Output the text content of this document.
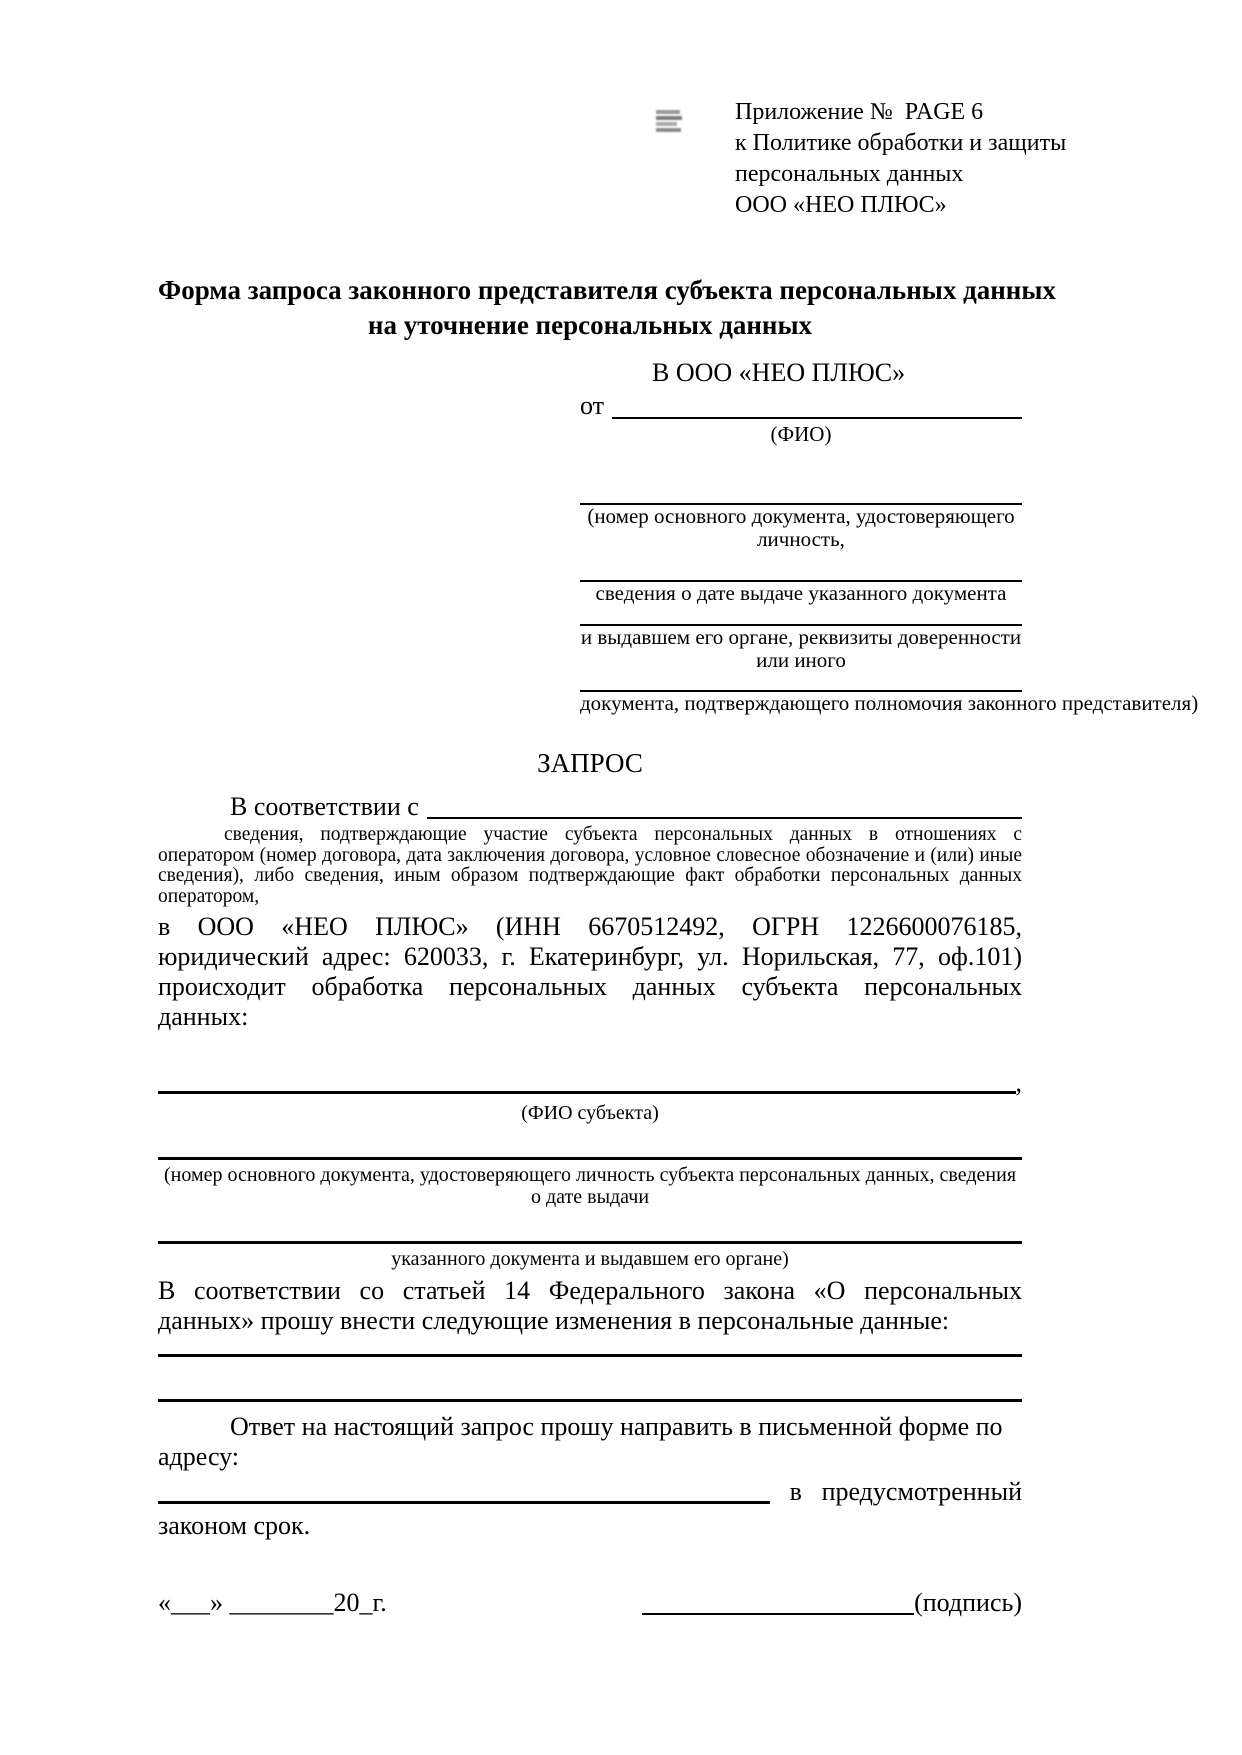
Приложение №  PAGE 6
к Политике обработки и защиты
персональных данных
ООО «НЕО ПЛЮС»
Форма запроса законного представителя субъекта персональных данных
на уточнение персональных данных
В ООО «НЕО ПЛЮС»
от
(ФИО)
(номер основного документа, удостоверяющего личность,
сведения о дате выдаче указанного документа
и выдавшем его органе, реквизиты доверенности или иного
документа, подтверждающего полномочия законного представителя)
ЗАПРОС
В соответствии с
сведения, подтверждающие участие субъекта персональных данных в отношениях с оператором (номер договора, дата заключения договора, условное словесное обозначение и (или) иные сведения), либо сведения, иным образом подтверждающие факт обработки персональных данных оператором,
в ООО «НЕО ПЛЮС» (ИНН 6670512492, ОГРН 1226600076185, юридический адрес: 620033, г. Екатеринбург, ул. Норильская, 77, оф.101) происходит обработка персональных данных субъекта персональных данных:
,
(ФИО субъекта)
(номер основного документа, удостоверяющего личность субъекта персональных данных, сведения о дате выдачи
указанного документа и выдавшем его органе)
В соответствии со статьей 14 Федерального закона «О персональных данных» прошу внести следующие изменения в персональные данные:
Ответ на настоящий запрос прошу направить в письменной форме по адресу:
в предусмотренный
законом срок.
«___» ________20_г.	(подпись)
